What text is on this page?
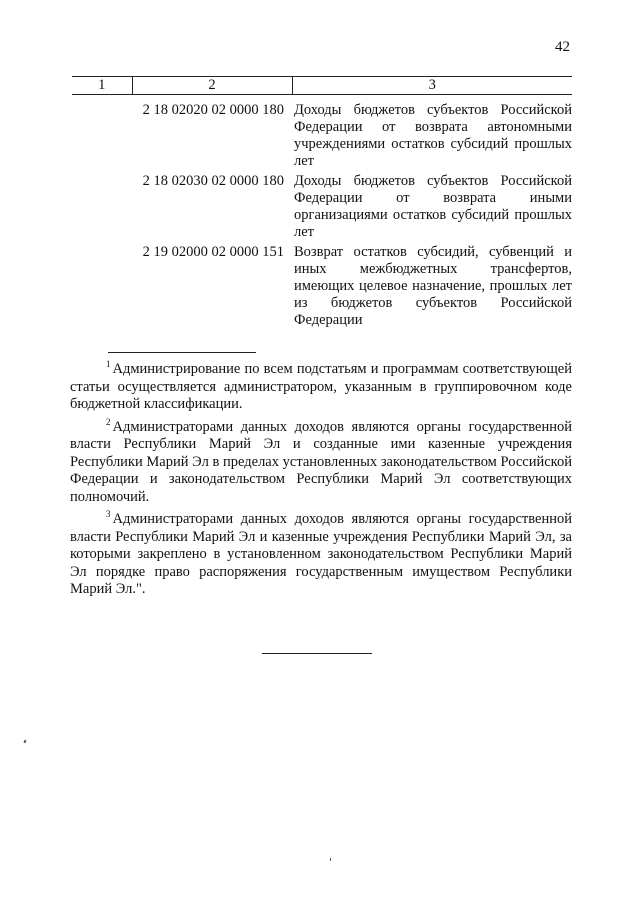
42
1	2	3
	2 18 02020 02 0000 180	Доходы бюджетов субъектов Российской Федерации от возврата автономными учреждениями остатков субсидий прошлых лет
	2 18 02030 02 0000 180	Доходы бюджетов субъектов Российской Федерации от возврата иными организациями остатков субсидий прошлых лет
	2 19 02000 02 0000 151	Возврат остатков субсидий, субвенций и иных межбюджетных трансфертов, имеющих целевое назначение, прошлых лет из бюджетов субъектов Российской Федерации

$^1$ Администрирование по всем подстатьям и программам соответствующей статьи осуществляется администратором, указанным в группировочном коде бюджетной классификации.

$^2$ Администраторами данных доходов являются органы государственной власти Республики Марий Эл и созданные ими казенные учреждения Республики Марий Эл в пределах установленных законодательством Российской Федерации и законодательством Республики Марий Эл соответствующих полномочий.

$^3$ Администраторами данных доходов являются органы государственной власти Республики Марий Эл и казенные учреждения Республики Марий Эл, за которыми закреплено в установленном законодательством Республики Марий Эл порядке право распоряжения государственным имуществом Республики Марий Эл.".
